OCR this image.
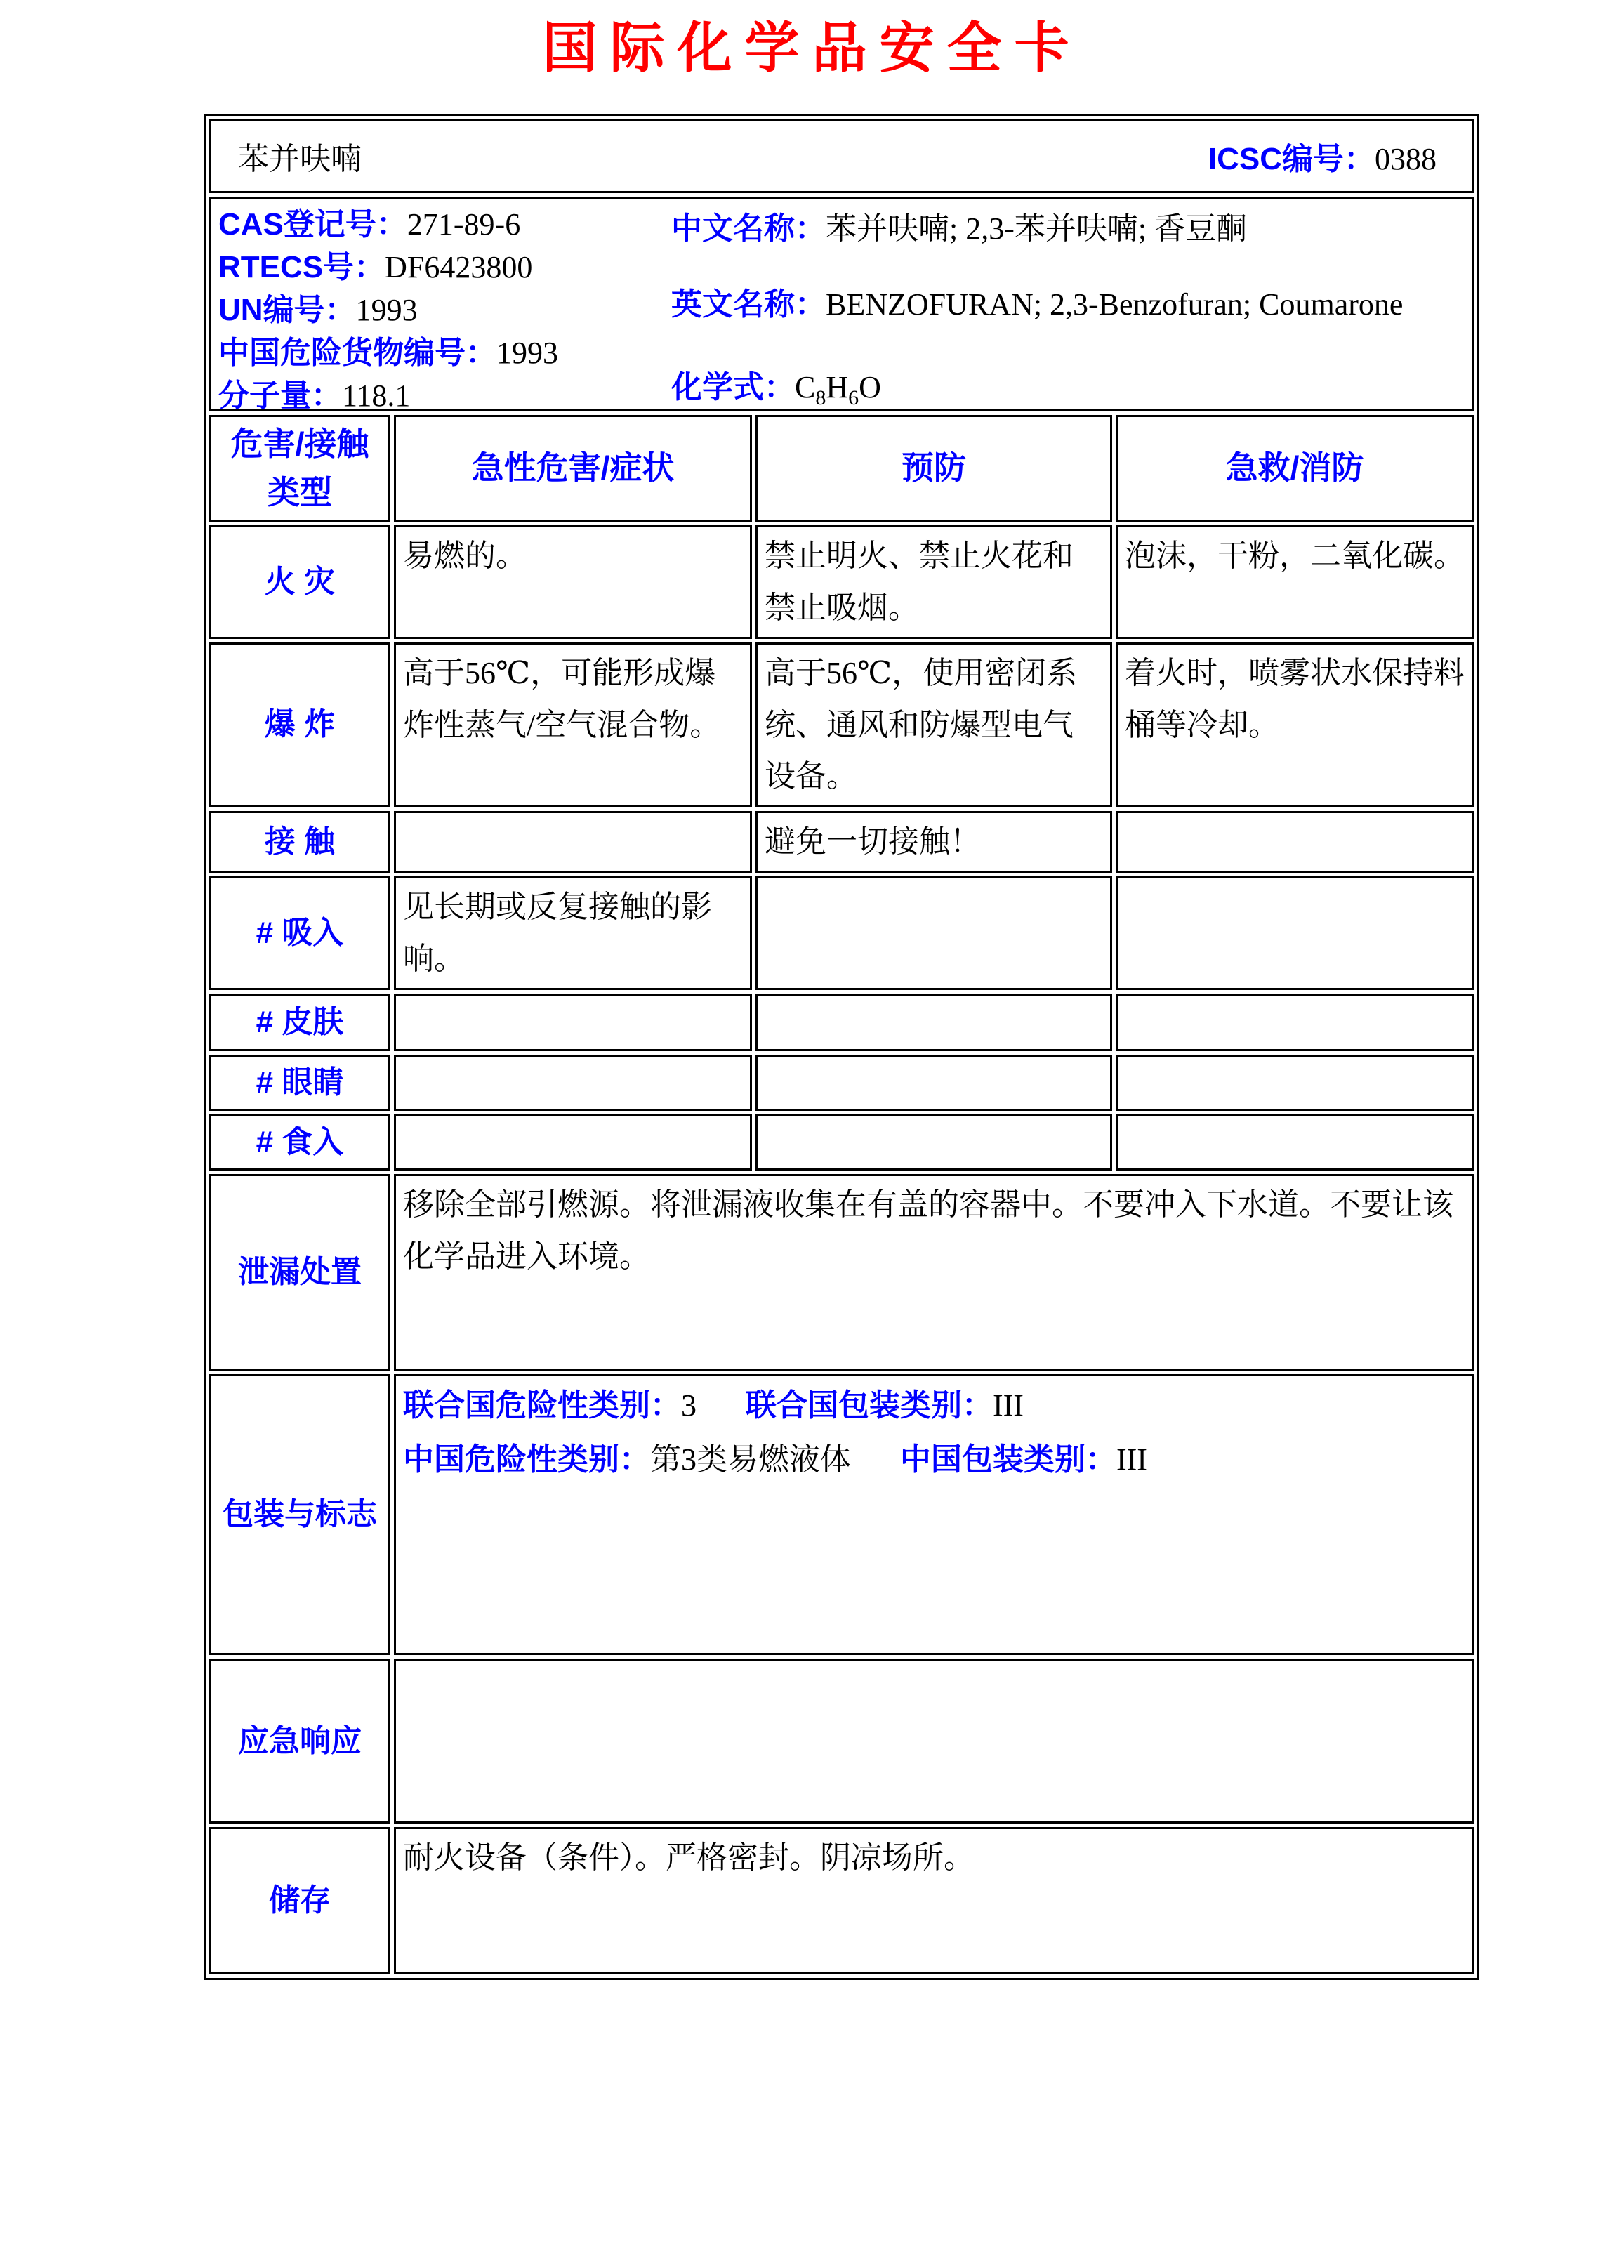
国际化学品安全卡
苯并呋喃 ICSC编号：0388			

CAS登记号：271-89-6
RTECS号：DF6423800
UN编号：1993
中国危险货物编号：1993
分子量：118.1
中文名称：苯并呋喃; 2,3-苯并呋喃; 香豆酮
英文名称：BENZOFURAN; 2,3-Benzofuran; Coumarone
化学式：$C_8H_6O$

危害/接触类型	急性危害/症状	预防	急救/消防
火 灾	易燃的。	禁止明火、禁止火花和禁止吸烟。	泡沫，干粉，二氧化碳。
爆 炸	高于56℃，可能形成爆炸性蒸气/空气混合物。	高于56℃，使用密闭系统、通风和防爆型电气设备。	着火时，喷雾状水保持料桶等冷却。
接 触		避免一切接触！	
# 吸入	见长期或反复接触的影响。		
# 皮肤			
# 眼睛			
# 食入			
泄漏处置	移除全部引燃源。将泄漏液收集在有盖的容器中。不要冲入下水道。不要让该化学品进入环境。		
包装与标志	联合国危险性类别：3 联合国包装类别：III
中国危险性类别：第3类易燃液体 中国包装类别：III		

应急响应			
储存	耐火设备（条件）。严格密封。阴凉场所。		
